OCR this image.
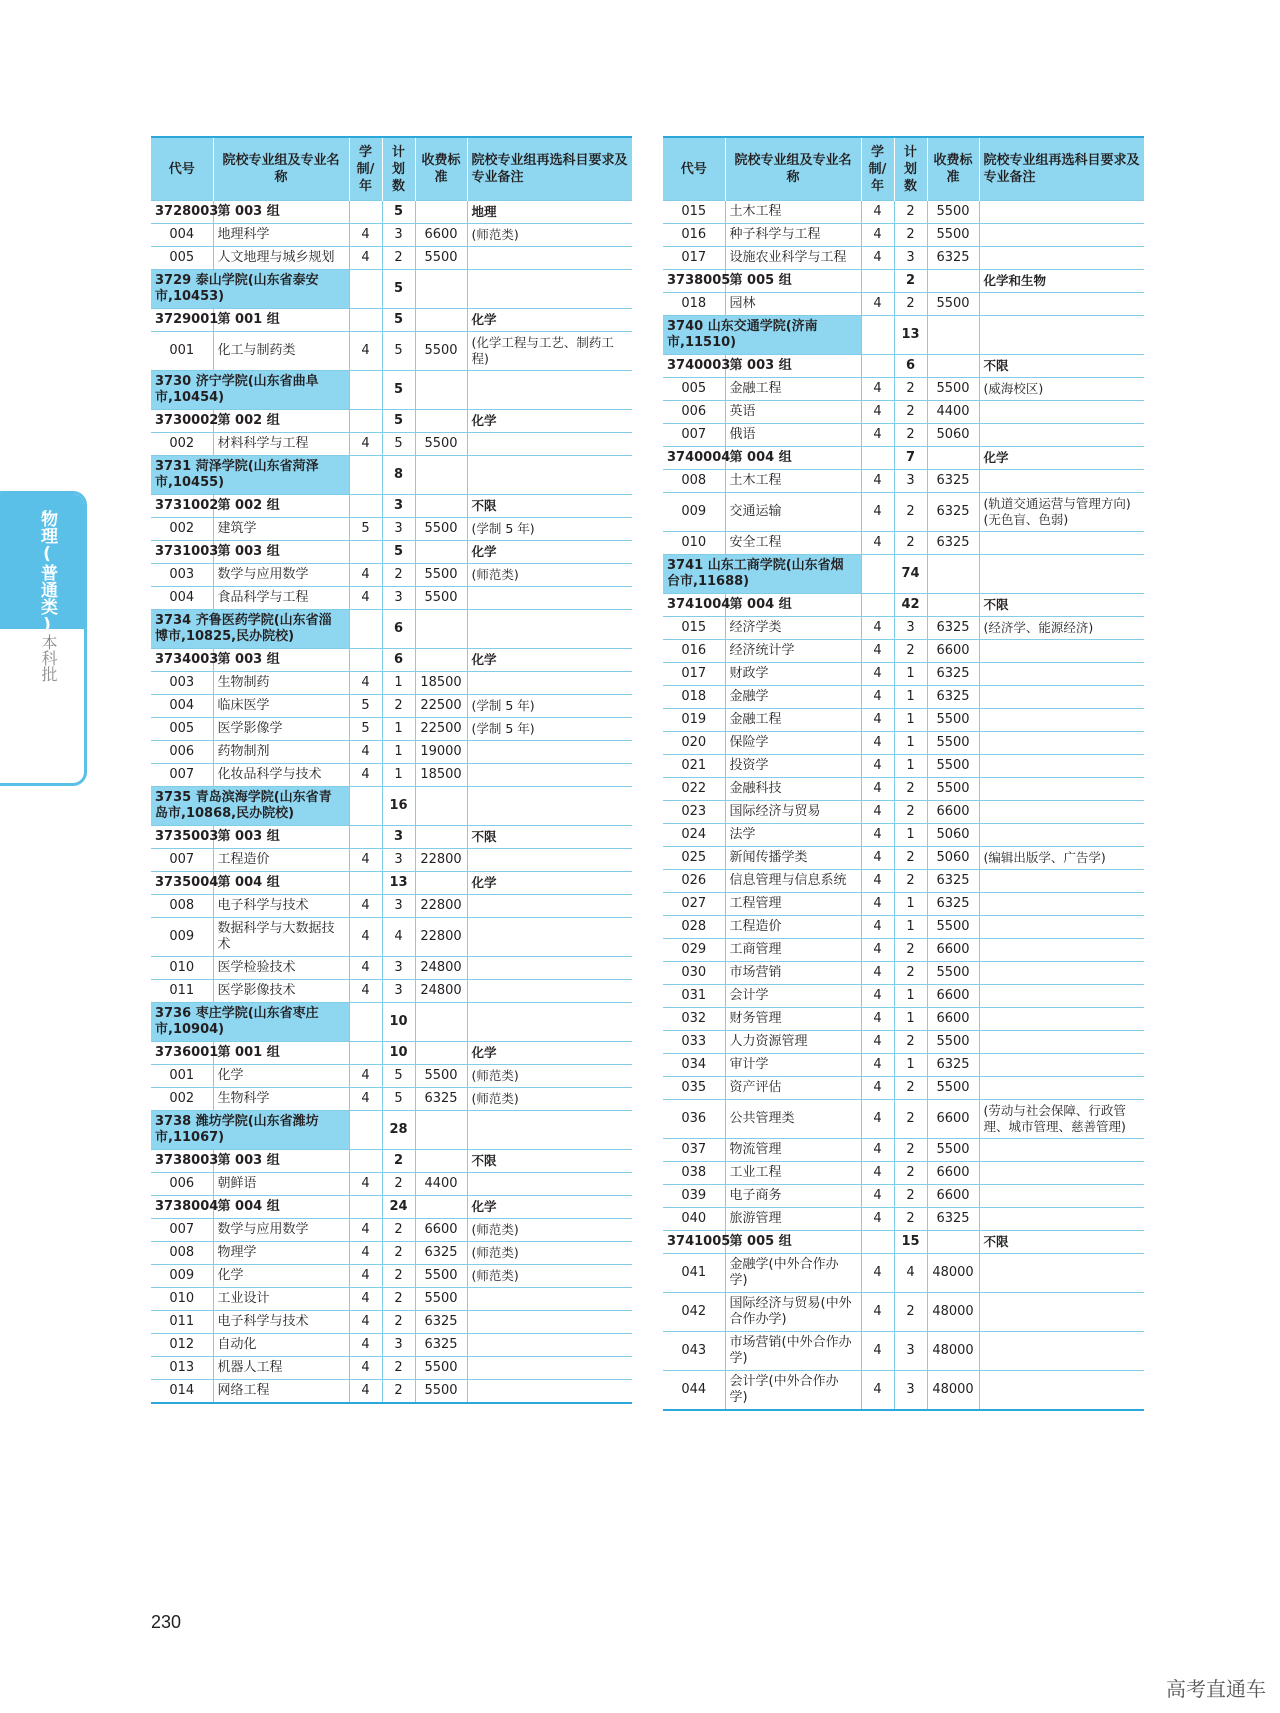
物理(普通类)
本科批
代号	院校专业组及专业名称	学制/年	计划数	收费标准	院校专业组再选科目要求及专业备注
3728003	第 003 组		5		地理
004	地理科学	4	3	6600	(师范类)
005	人文地理与城乡规划	4	2	5500	
3729 泰山学院(山东省泰安市,10453)			5		
3729001	第 001 组		5		化学
001	化工与制药类	4	5	5500	(化学工程与工艺、制药工程)
3730 济宁学院(山东省曲阜市,10454)			5		
3730002	第 002 组		5		化学
002	材料科学与工程	4	5	5500	
3731 菏泽学院(山东省菏泽市,10455)			8		
3731002	第 002 组		3		不限
002	建筑学	5	3	5500	(学制 5 年)
3731003	第 003 组		5		化学
003	数学与应用数学	4	2	5500	(师范类)
004	食品科学与工程	4	3	5500	
3734 齐鲁医药学院(山东省淄博市,10825,民办院校)			6		
3734003	第 003 组		6		化学
003	生物制药	4	1	18500	
004	临床医学	5	2	22500	(学制 5 年)
005	医学影像学	5	1	22500	(学制 5 年)
006	药物制剂	4	1	19000	
007	化妆品科学与技术	4	1	18500	
3735 青岛滨海学院(山东省青岛市,10868,民办院校)			16		
3735003	第 003 组		3		不限
007	工程造价	4	3	22800	
3735004	第 004 组		13		化学
008	电子科学与技术	4	3	22800	
009	数据科学与大数据技术	4	4	22800	
010	医学检验技术	4	3	24800	
011	医学影像技术	4	3	24800	
3736 枣庄学院(山东省枣庄市,10904)			10		
3736001	第 001 组		10		化学
001	化学	4	5	5500	(师范类)
002	生物科学	4	5	6325	(师范类)
3738 潍坊学院(山东省潍坊市,11067)			28		
3738003	第 003 组		2		不限
006	朝鲜语	4	2	4400	
3738004	第 004 组		24		化学
007	数学与应用数学	4	2	6600	(师范类)
008	物理学	4	2	6325	(师范类)
009	化学	4	2	5500	(师范类)
010	工业设计	4	2	5500	
011	电子科学与技术	4	2	6325	
012	自动化	4	3	6325	
013	机器人工程	4	2	5500	
014	网络工程	4	2	5500	
代号	院校专业组及专业名称	学制/年	计划数	收费标准	院校专业组再选科目要求及专业备注
015	土木工程	4	2	5500	
016	种子科学与工程	4	2	5500	
017	设施农业科学与工程	4	3	6325	
3738005	第 005 组		2		化学和生物
018	园林	4	2	5500	
3740 山东交通学院(济南市,11510)			13		
3740003	第 003 组		6		不限
005	金融工程	4	2	5500	(威海校区)
006	英语	4	2	4400	
007	俄语	4	2	5060	
3740004	第 004 组		7		化学
008	土木工程	4	3	6325	
009	交通运输	4	2	6325	(轨道交通运营与管理方向)(无色盲、色弱)
010	安全工程	4	2	6325	
3741 山东工商学院(山东省烟台市,11688)			74		
3741004	第 004 组		42		不限
015	经济学类	4	3	6325	(经济学、能源经济)
016	经济统计学	4	2	6600	
017	财政学	4	1	6325	
018	金融学	4	1	6325	
019	金融工程	4	1	5500	
020	保险学	4	1	5500	
021	投资学	4	1	5500	
022	金融科技	4	2	5500	
023	国际经济与贸易	4	2	6600	
024	法学	4	1	5060	
025	新闻传播学类	4	2	5060	(编辑出版学、广告学)
026	信息管理与信息系统	4	2	6325	
027	工程管理	4	1	6325	
028	工程造价	4	1	5500	
029	工商管理	4	2	6600	
030	市场营销	4	2	5500	
031	会计学	4	1	6600	
032	财务管理	4	1	6600	
033	人力资源管理	4	2	5500	
034	审计学	4	1	6325	
035	资产评估	4	2	5500	
036	公共管理类	4	2	6600	(劳动与社会保障、行政管理、城市管理、慈善管理)
037	物流管理	4	2	5500	
038	工业工程	4	2	6600	
039	电子商务	4	2	6600	
040	旅游管理	4	2	6325	
3741005	第 005 组		15		不限
041	金融学(中外合作办学)	4	4	48000	
042	国际经济与贸易(中外合作办学)	4	2	48000	
043	市场营销(中外合作办学)	4	3	48000	
044	会计学(中外合作办学)	4	3	48000	
230
高考直通车
